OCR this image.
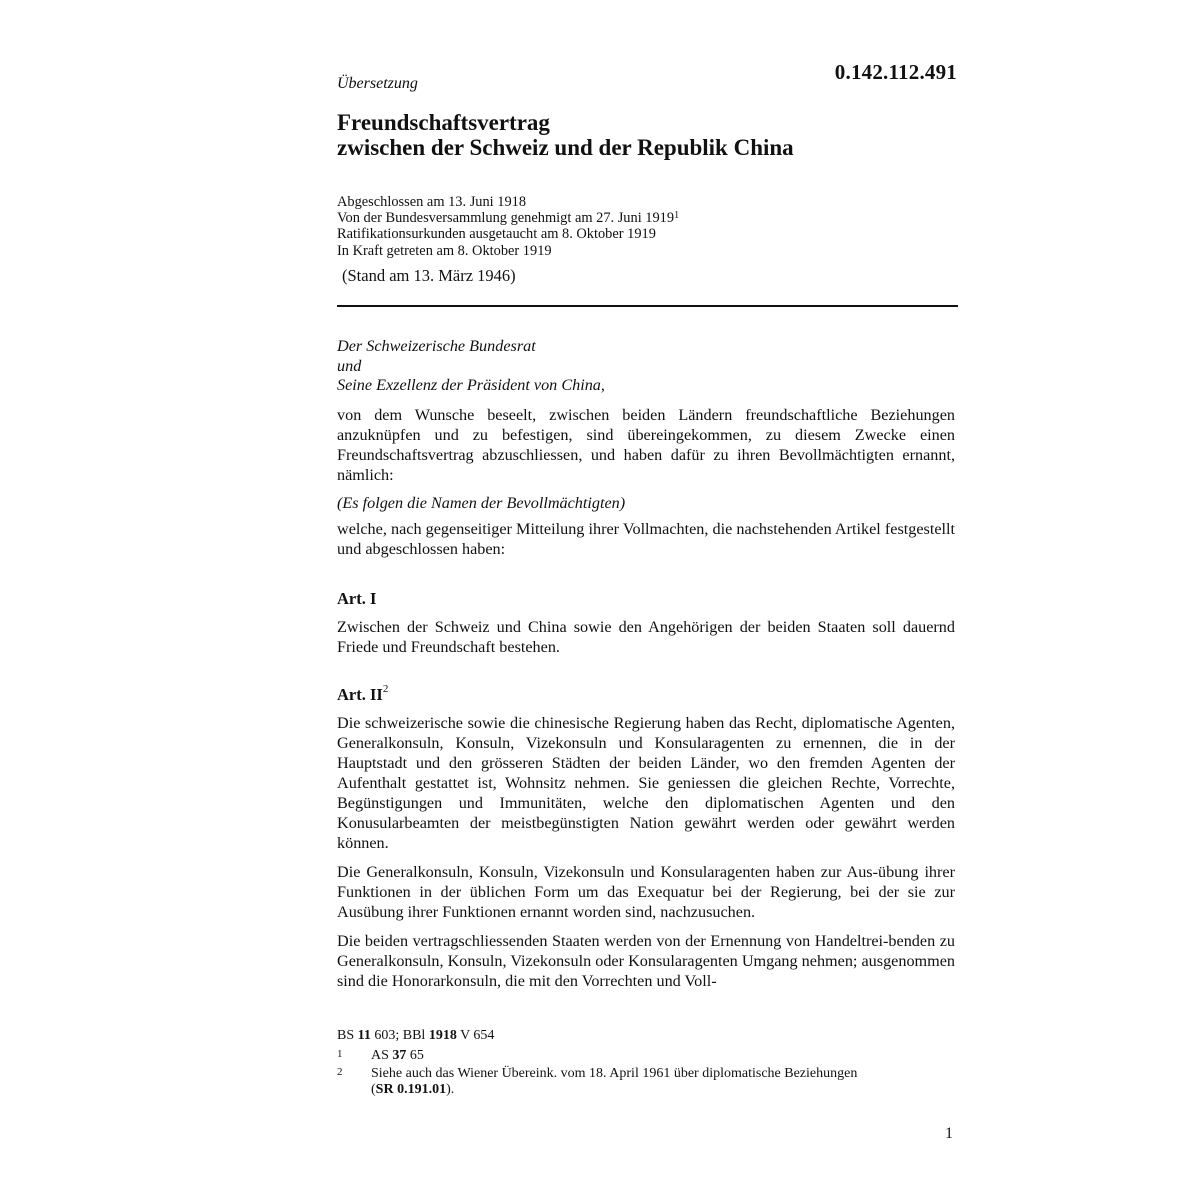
0.142.112.491
Übersetzung
Freundschaftsvertrag
zwischen der Schweiz und der Republik China
Abgeschlossen am 13. Juni 1918
Von der Bundesversammlung genehmigt am 27. Juni 1919$^1$
Ratifikationsurkunden ausgetaucht am 8. Oktober 1919
In Kraft getreten am 8. Oktober 1919
(Stand am 13. März 1946)
Der Schweizerische Bundesrat
und
Seine Exzellenz der Präsident von China,
von dem Wunsche beseelt, zwischen beiden Ländern freundschaftliche Beziehungen anzuknüpfen und zu befestigen, sind übereingekommen, zu diesem Zwecke einen Freundschaftsvertrag abzuschliessen, und haben dafür zu ihren Bevollmächtigten ernannt, nämlich:
(Es folgen die Namen der Bevollmächtigten)
welche, nach gegenseitiger Mitteilung ihrer Vollmachten, die nachstehenden Artikel festgestellt und abgeschlossen haben:
Art. I
Zwischen der Schweiz und China sowie den Angehörigen der beiden Staaten soll dauernd Friede und Freundschaft bestehen.
Art. $II^2$
Die schweizerische sowie die chinesische Regierung haben das Recht, diplomatische Agenten, Generalkonsuln, Konsuln, Vizekonsuln und Konsularagenten zu ernennen, die in der Hauptstadt und den grösseren Städten der beiden Länder, wo den fremden Agenten der Aufenthalt gestattet ist, Wohnsitz nehmen. Sie geniessen die gleichen Rechte, Vorrechte, Begünstigungen und Immunitäten, welche den diplomatischen Agenten und den Konusularbeamten der meistbegünstigten Nation gewährt werden oder gewährt werden können.
Die Generalkonsuln, Konsuln, Vizekonsuln und Konsularagenten haben zur Aus-übung ihrer Funktionen in der üblichen Form um das Exequatur bei der Regierung, bei der sie zur Ausübung ihrer Funktionen ernannt worden sind, nachzusuchen.
Die beiden vertragschliessenden Staaten werden von der Ernennung von Handeltrei-benden zu Generalkonsuln, Konsuln, Vizekonsuln oder Konsularagenten Umgang nehmen; ausgenommen sind die Honorarkonsuln, die mit den Vorrechten und Voll-
BS 11 603; BBl 1918 V 654
1 AS 37 65
2 Siehe auch das Wiener Übereink. vom 18. April 1961 über diplomatische Beziehungen
(SR 0.191.01).
1
